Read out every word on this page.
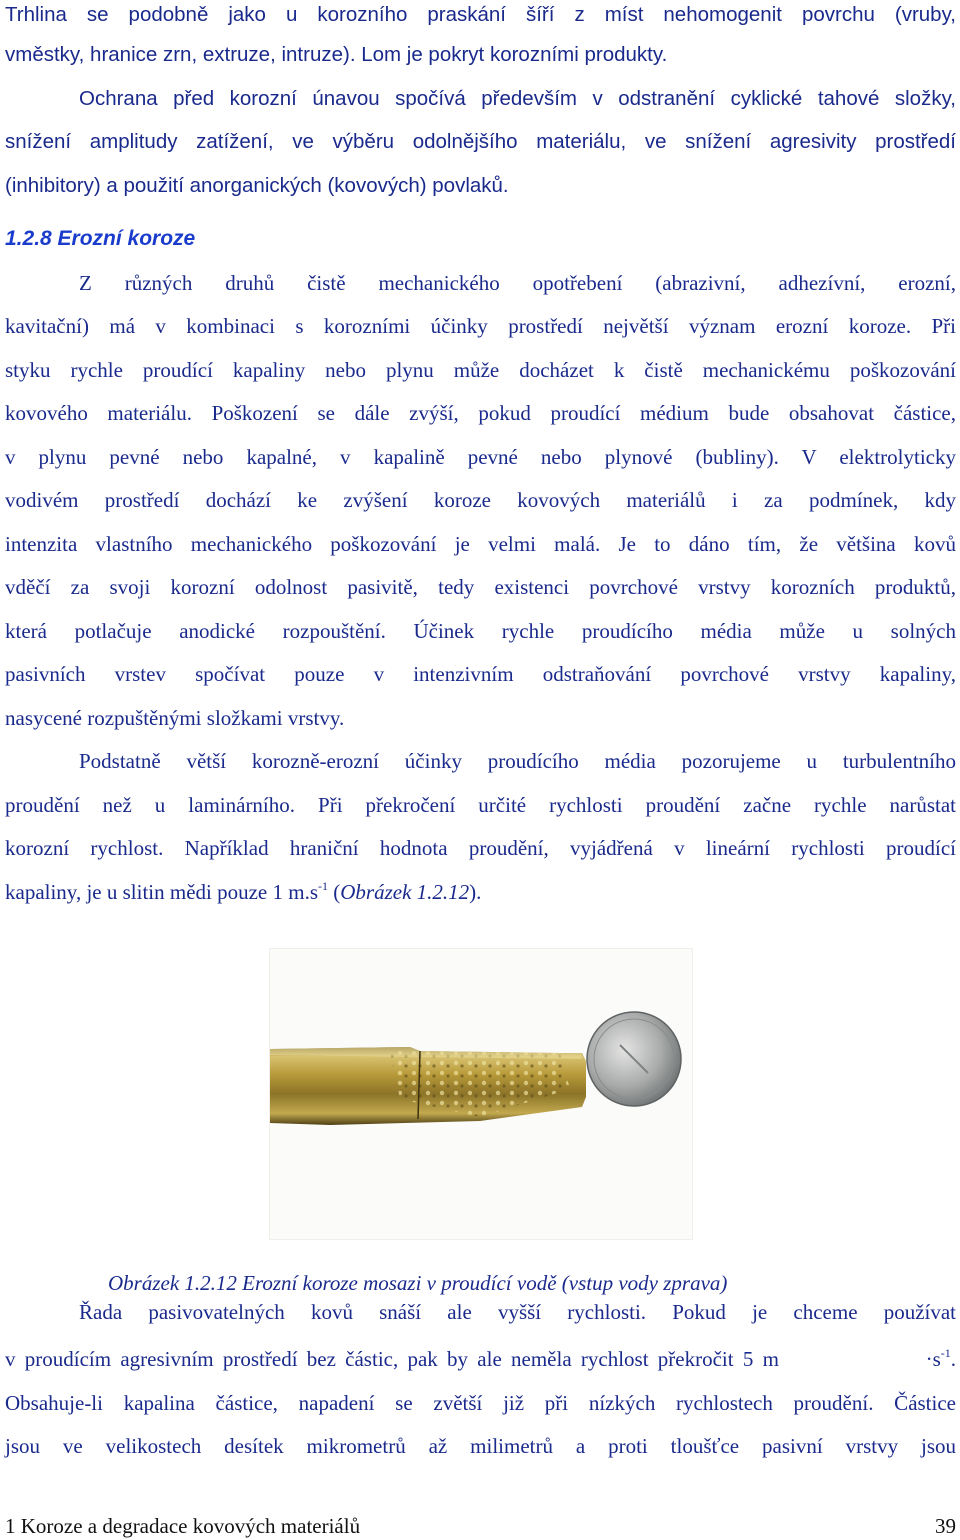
Trhlina se podobně jako u korozního praskání šíří z míst nehomogenit povrchu (vruby,
vměstky, hranice zrn, extruze, intruze). Lom je pokryt korozními produkty.
Ochrana před korozní únavou spočívá především v odstranění cyklické tahové složky,
snížení amplitudy zatížení, ve výběru odolnějšího materiálu, ve snížení agresivity prostředí
(inhibitory) a použití anorganických (kovových) povlaků.
1.2.8 Erozní koroze
Z různých druhů čistě mechanického opotřebení (abrazivní, adhezívní, erozní,
kavitační) má v kombinaci s korozními účinky prostředí největší význam erozní koroze. Při
styku rychle proudící kapaliny nebo plynu může docházet k čistě mechanickému poškozování
kovového materiálu. Poškození se dále zvýší, pokud proudící médium bude obsahovat částice,
v plynu pevné nebo kapalné, v kapalině pevné nebo plynové (bubliny). V elektrolyticky
vodivém prostředí dochází ke zvýšení koroze kovových materiálů i za podmínek, kdy
intenzita vlastního mechanického poškozování je velmi malá. Je to dáno tím, že většina kovů
vděčí za svoji korozní odolnost pasivitě, tedy existenci povrchové vrstvy korozních produktů,
která potlačuje anodické rozpouštění. Účinek rychle proudícího média může u solných
pasivních vrstev spočívat pouze v intenzivním odstraňování povrchové vrstvy kapaliny,
nasycené rozpuštěnými složkami vrstvy.
Podstatně větší korozně-erozní účinky proudícího média pozorujeme u turbulentního
proudění než u laminárního. Při překročení určité rychlosti proudění začne rychle narůstat
korozní rychlost. Například hraniční hodnota proudění, vyjádřená v lineární rychlosti proudící
kapaliny, je u slitin mědi pouze 1 $m.s^{-1}$ (Obrázek 1.2.12).
Obrázek 1.2.12 Erozní koroze mosazi v proudící vodě (vstup vody zprava)
Řada pasivovatelných kovů snáší ale vyšší rychlosti. Pokud je chceme používat
v proudícím agresivním prostředí bez částic, pak by ale neměla rychlost překročit 5 m	$\cdot s^{-1}$.
Obsahuje-li kapalina částice, napadení se zvětší již při nízkých rychlostech proudění. Částice
jsou ve velikostech desítek mikrometrů až milimetrů a proti tloušťce pasivní vrstvy jsou
1 Koroze a degradace kovových materiálů	39
